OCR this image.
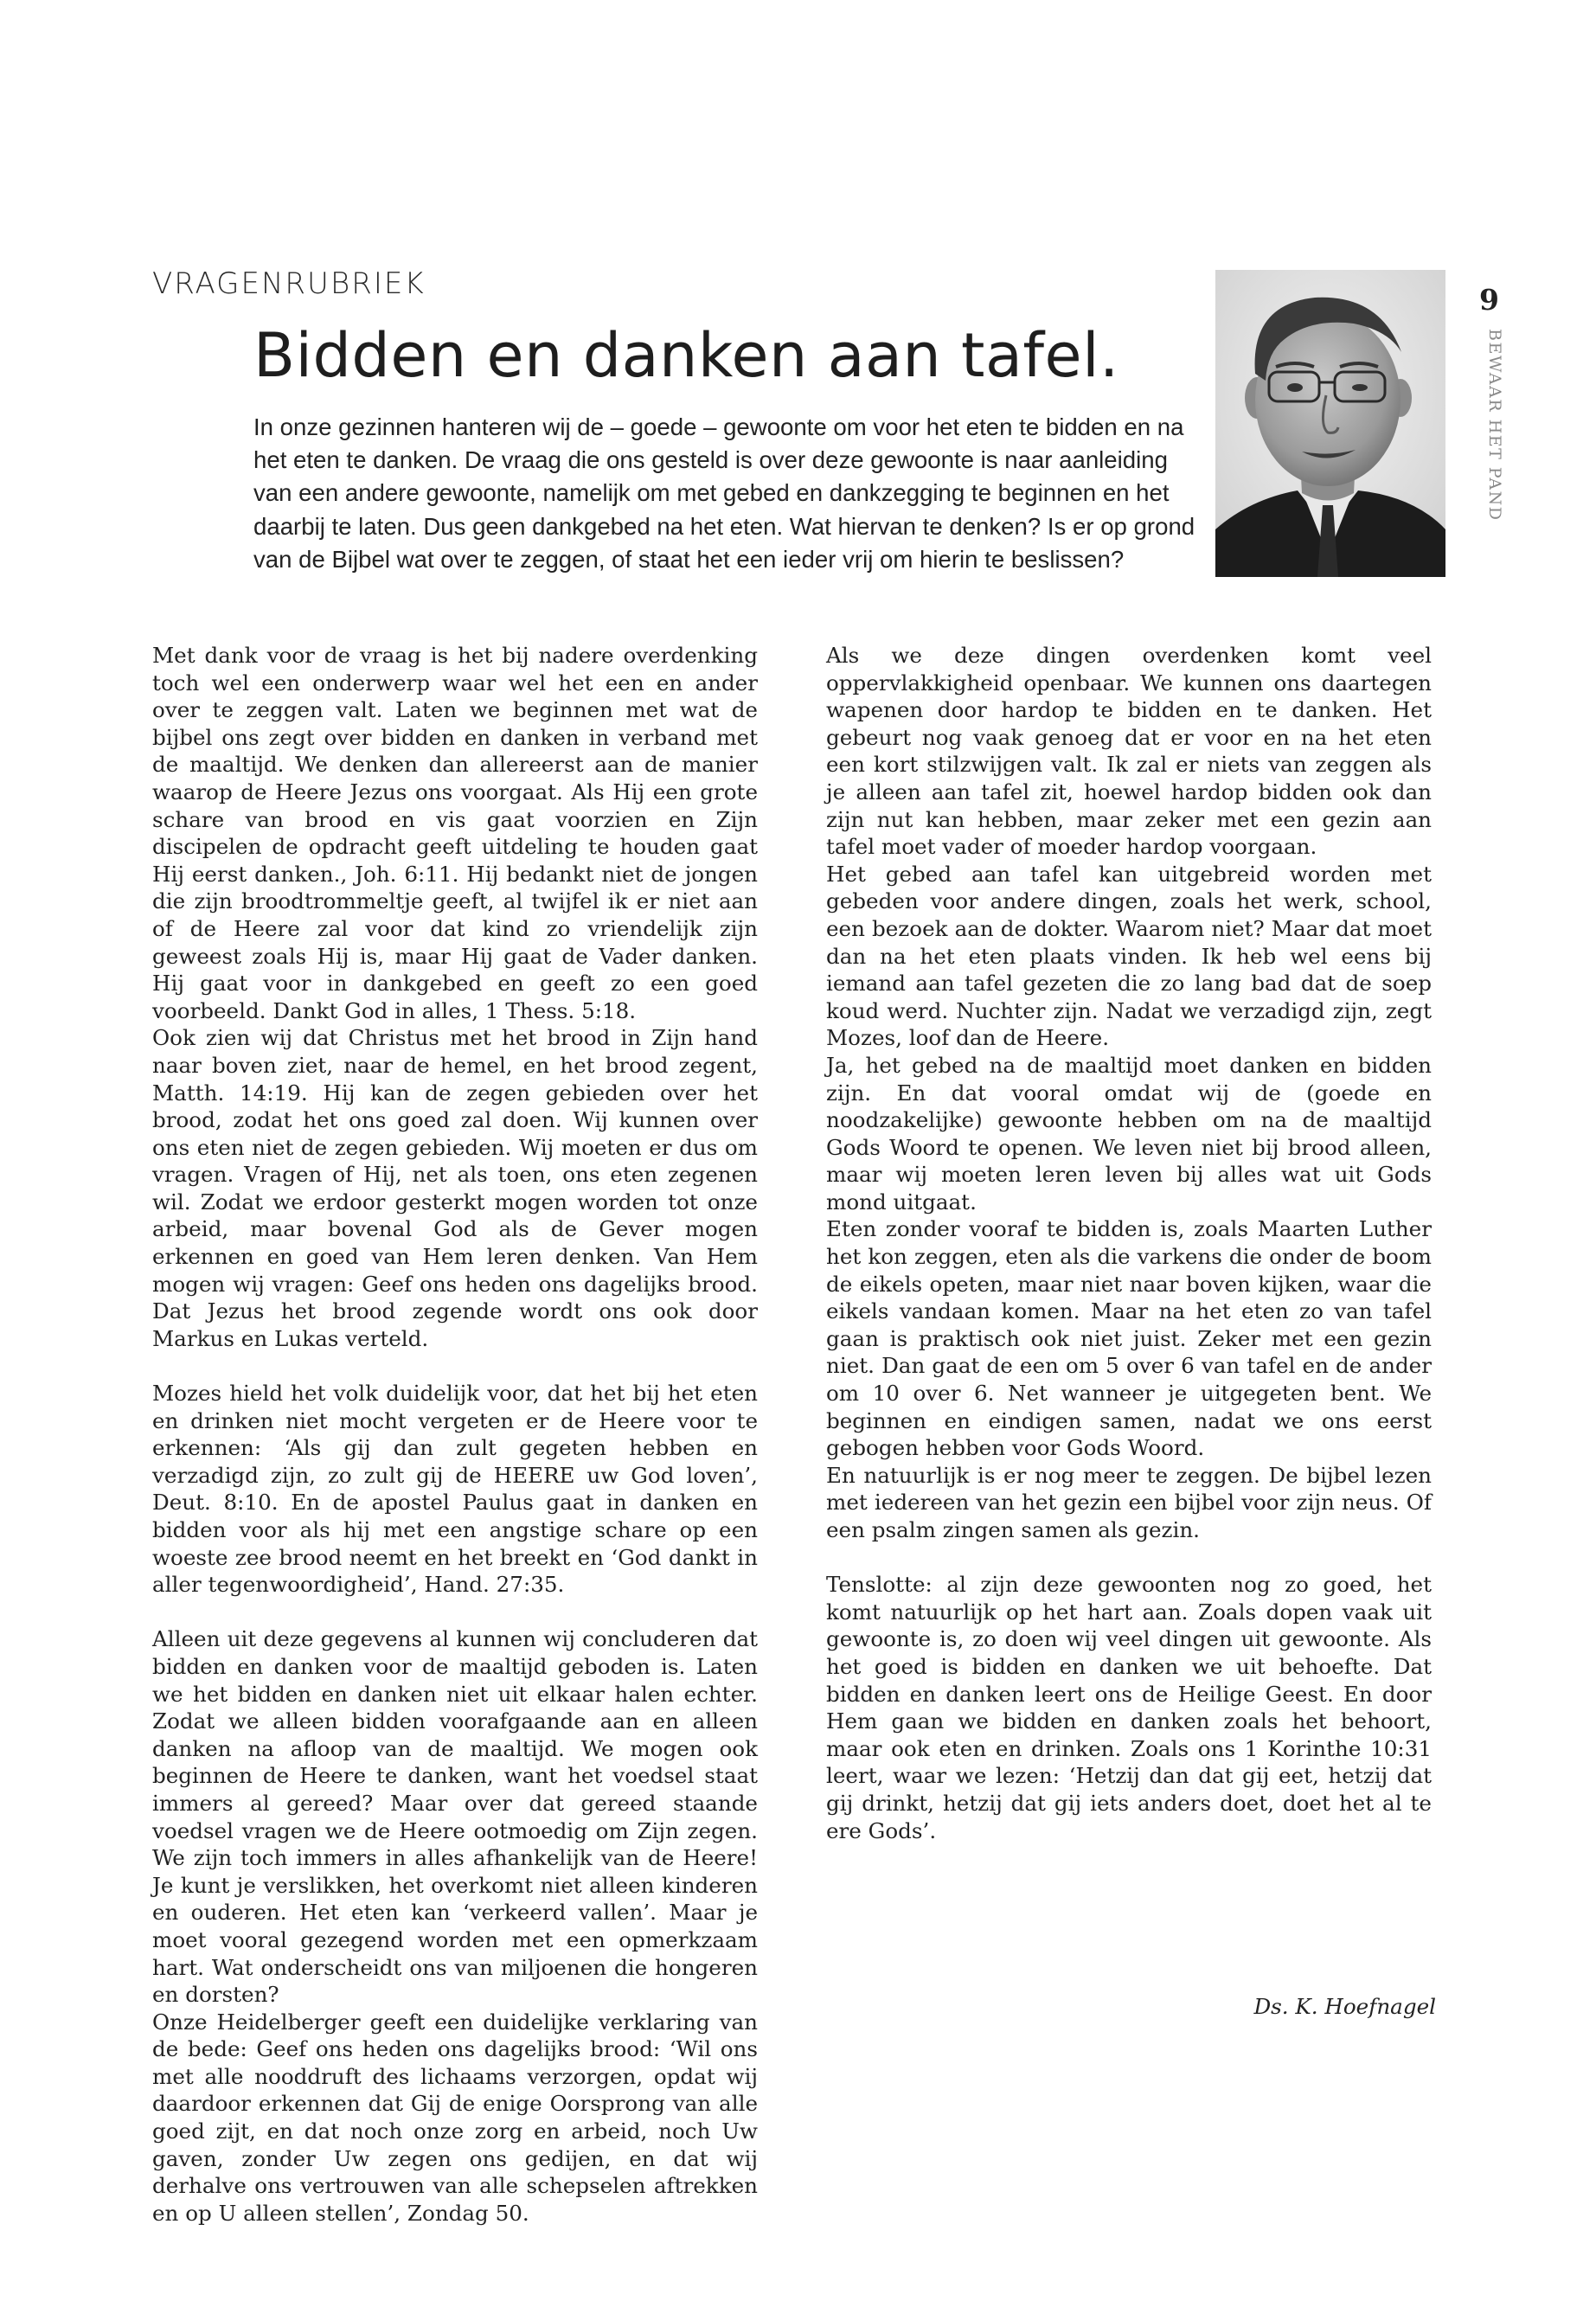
VRAGENRUBRIEK
Bidden en danken aan tafel.

In onze gezinnen hanteren wij de – goede – gewoonte om voor het eten te bidden en na het eten te danken. De vraag die ons gesteld is over deze gewoonte is naar aanleiding van een andere gewoonte, namelijk om met gebed en dankzegging te beginnen en het daarbij te laten. Dus geen dankgebed na het eten. Wat hiervan te denken? Is er op grond van de Bijbel wat over te zeggen, of staat het een ieder vrij om hierin te beslissen?

9
BEWAAR HET PAND

Met dank voor de vraag is het bij nadere overdenking toch wel een onderwerp waar wel het een en ander over te zeggen valt. Laten we beginnen met wat de bijbel ons zegt over bidden en danken in verband met de maaltijd. We denken dan allereerst aan de manier waarop de Heere Jezus ons voorgaat. Als Hij een grote schare van brood en vis gaat voorzien en Zijn discipelen de opdracht geeft uitdeling te houden gaat Hij eerst danken., Joh. 6:11. Hij bedankt niet de jongen die zijn broodtrommeltje geeft, al twijfel ik er niet aan of de Heere zal voor dat kind zo vriendelijk zijn geweest zoals Hij is, maar Hij gaat de Vader danken. Hij gaat voor in dankgebed en geeft zo een goed voorbeeld. Dankt God in alles, 1 Thess. 5:18.

Ook zien wij dat Christus met het brood in Zijn hand naar boven ziet, naar de hemel, en het brood zegent, Matth. 14:19. Hij kan de zegen gebieden over het brood, zodat het ons goed zal doen. Wij kunnen over ons eten niet de zegen gebieden. Wij moeten er dus om vragen. Vragen of Hij, net als toen, ons eten zegenen wil. Zodat we erdoor gesterkt mogen worden tot onze arbeid, maar bovenal God als de Gever mogen erkennen en goed van Hem leren denken. Van Hem mogen wij vragen: Geef ons heden ons dagelijks brood. Dat Jezus het brood zegende wordt ons ook door Markus en Lukas verteld.

Mozes hield het volk duidelijk voor, dat het bij het eten en drinken niet mocht vergeten er de Heere voor te erkennen: ‘Als gij dan zult gegeten hebben en verzadigd zijn, zo zult gij de HEERE uw God loven’, Deut. 8:10. En de apostel Paulus gaat in danken en bidden voor als hij met een angstige schare op een woeste zee brood neemt en het breekt en ‘God dankt in aller tegenwoordigheid’, Hand. 27:35.

Alleen uit deze gegevens al kunnen wij concluderen dat bidden en danken voor de maaltijd geboden is. Laten we het bidden en danken niet uit elkaar halen echter. Zodat we alleen bidden voorafgaande aan en alleen danken na afloop van de maaltijd. We mogen ook beginnen de Heere te danken, want het voedsel staat immers al gereed? Maar over dat gereed staande voedsel vragen we de Heere ootmoedig om Zijn zegen. We zijn toch immers in alles afhankelijk van de Heere! Je kunt je verslikken, het overkomt niet alleen kinderen en ouderen. Het eten kan ‘verkeerd vallen’. Maar je moet vooral gezegend worden met een opmerkzaam hart. Wat onderscheidt ons van miljoenen die hongeren en dorsten?

Onze Heidelberger geeft een duidelijke verklaring van de bede: Geef ons heden ons dagelijks brood: ‘Wil ons met alle nooddruft des lichaams verzorgen, opdat wij daardoor erkennen dat Gij de enige Oorsprong van alle goed zijt, en dat noch onze zorg en arbeid, noch Uw gaven, zonder Uw zegen ons gedijen, en dat wij derhalve ons vertrouwen van alle schepselen aftrekken en op U alleen stellen’, Zondag 50.

Als we deze dingen overdenken komt veel oppervlakkigheid openbaar. We kunnen ons daartegen wapenen door hardop te bidden en te danken. Het gebeurt nog vaak genoeg dat er voor en na het eten een kort stilzwijgen valt. Ik zal er niets van zeggen als je alleen aan tafel zit, hoewel hardop bidden ook dan zijn nut kan hebben, maar zeker met een gezin aan tafel moet vader of moeder hardop voorgaan.

Het gebed aan tafel kan uitgebreid worden met gebeden voor andere dingen, zoals het werk, school, een bezoek aan de dokter. Waarom niet? Maar dat moet dan na het eten plaats vinden. Ik heb wel eens bij iemand aan tafel gezeten die zo lang bad dat de soep koud werd. Nuchter zijn. Nadat we verzadigd zijn, zegt Mozes, loof dan de Heere.

Ja, het gebed na de maaltijd moet danken en bidden zijn. En dat vooral omdat wij de (goede en noodzakelijke) gewoonte hebben om na de maaltijd Gods Woord te openen. We leven niet bij brood alleen, maar wij moeten leren leven bij alles wat uit Gods mond uitgaat.

Eten zonder vooraf te bidden is, zoals Maarten Luther het kon zeggen, eten als die varkens die onder de boom de eikels opeten, maar niet naar boven kijken, waar die eikels vandaan komen. Maar na het eten zo van tafel gaan is praktisch ook niet juist. Zeker met een gezin niet. Dan gaat de een om 5 over 6 van tafel en de ander om 10 over 6. Net wanneer je uitgegeten bent. We beginnen en eindigen samen, nadat we ons eerst gebogen hebben voor Gods Woord.

En natuurlijk is er nog meer te zeggen. De bijbel lezen met iedereen van het gezin een bijbel voor zijn neus. Of een psalm zingen samen als gezin.

Tenslotte: al zijn deze gewoonten nog zo goed, het komt natuurlijk op het hart aan. Zoals dopen vaak uit gewoonte is, zo doen wij veel dingen uit gewoonte. Als het goed is bidden en danken we uit behoefte. Dat bidden en danken leert ons de Heilige Geest. En door Hem gaan we bidden en danken zoals het behoort, maar ook eten en drinken. Zoals ons 1 Korinthe 10:31 leert, waar we lezen: ‘Hetzij dan dat gij eet, hetzij dat gij drinkt, hetzij dat gij iets anders doet, doet het al te ere Gods’.

Ds. K. Hoefnagel
